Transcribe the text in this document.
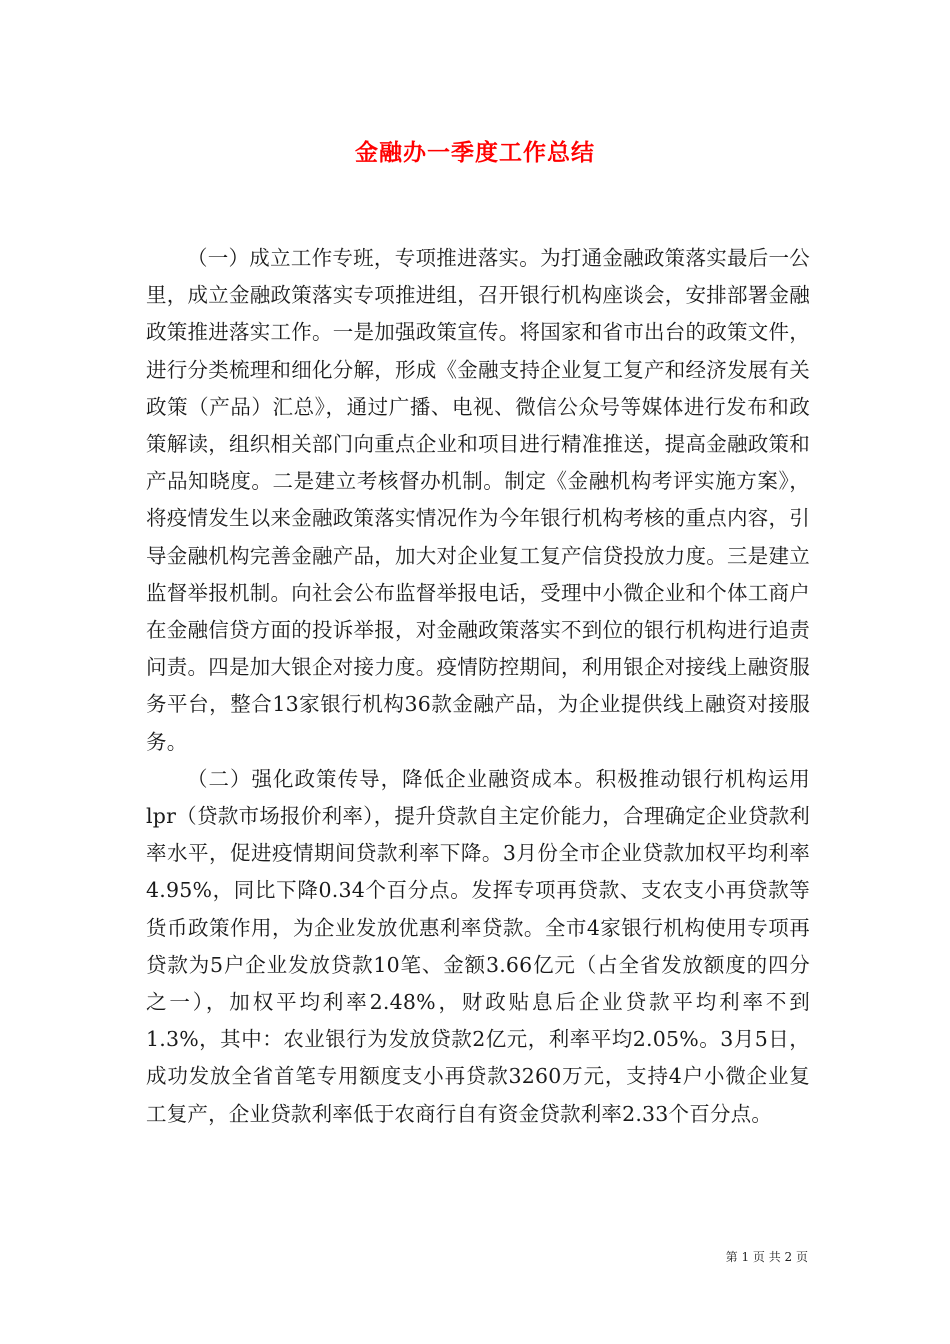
金融办一季度工作总结

（一）成立工作专班，专项推进落实。为打通金融政策落实最后一公里，成立金融政策落实专项推进组，召开银行机构座谈会，安排部署金融政策推进落实工作。一是加强政策宣传。将国家和省市出台的政策文件，进行分类梳理和细化分解，形成《金融支持企业复工复产和经济发展有关政策（产品）汇总》，通过广播、电视、微信公众号等媒体进行发布和政策解读，组织相关部门向重点企业和项目进行精准推送，提高金融政策和产品知晓度。二是建立考核督办机制。制定《金融机构考评实施方案》，将疫情发生以来金融政策落实情况作为今年银行机构考核的重点内容，引导金融机构完善金融产品，加大对企业复工复产信贷投放力度。三是建立监督举报机制。向社会公布监督举报电话，受理中小微企业和个体工商户在金融信贷方面的投诉举报，对金融政策落实不到位的银行机构进行追责问责。四是加大银企对接力度。疫情防控期间，利用银企对接线上融资服务平台，整合13家银行机构36款金融产品，为企业提供线上融资对接服务。

（二）强化政策传导，降低企业融资成本。积极推动银行机构运用lpr（贷款市场报价利率），提升贷款自主定价能力，合理确定企业贷款利率水平，促进疫情期间贷款利率下降。3月份全市企业贷款加权平均利率4.95%，同比下降0.34个百分点。发挥专项再贷款、支农支小再贷款等货币政策作用，为企业发放优惠利率贷款。全市4家银行机构使用专项再贷款为5户企业发放贷款10笔、金额3.66亿元（占全省发放额度的四分之一），加权平均利率2.48%，财政贴息后企业贷款平均利率不到1.3%，其中：农业银行为发放贷款2亿元，利率平均2.05%。3月5日，成功发放全省首笔专用额度支小再贷款3260万元，支持4户小微企业复工复产，企业贷款利率低于农商行自有资金贷款利率2.33个百分点。

第 1 页 共 2 页
